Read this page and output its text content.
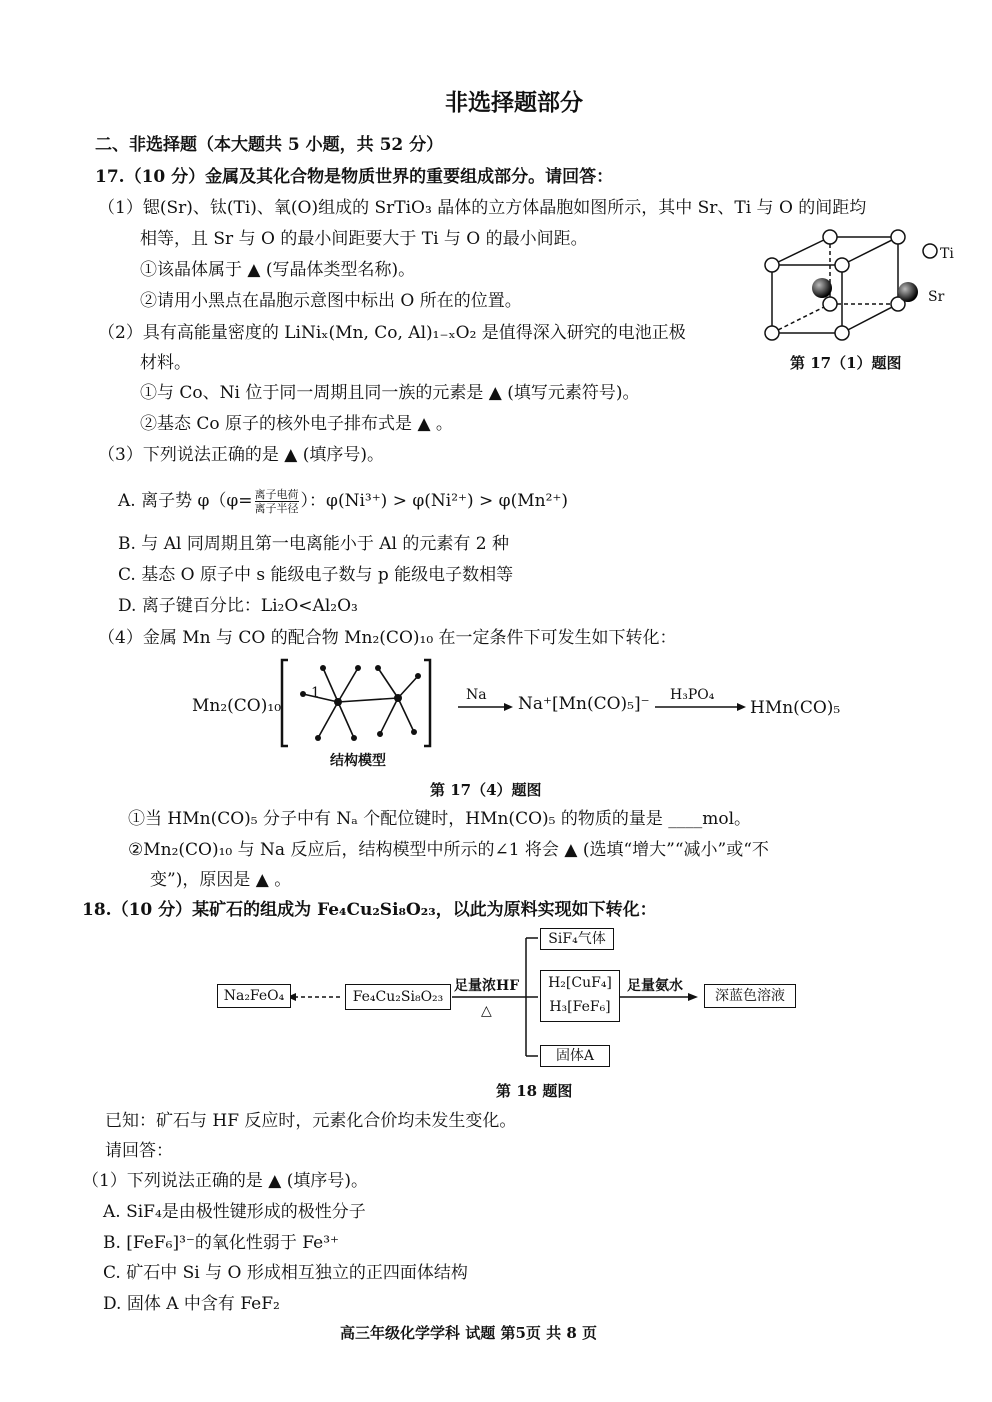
非选择题部分
二、非选择题（本大题共 5 小题，共 52 分）
17.（10 分）金属及其化合物是物质世界的重要组成部分。请回答：
（1）锶(Sr)、钛(Ti)、氧(O)组成的 SrTiO₃ 晶体的立方体晶胞如图所示，其中 Sr、Ti 与 O 的间距均
相等，且 Sr 与 O 的最小间距要大于 Ti 与 O 的最小间距。
①该晶体属于 ▲ (写晶体类型名称)。
②请用小黑点在晶胞示意图中标出 O 所在的位置。
（2）具有高能量密度的 LiNiₓ(Mn, Co, Al)₁₋ₓO₂ 是值得深入研究的电池正极
材料。
①与 Co、Ni 位于同一周期且同一族的元素是 ▲ (填写元素符号)。
②基态 Co 原子的核外电子排布式是 ▲ 。
（3）下列说法正确的是 ▲ (填序号)。
A. 离子势 φ（φ= 离子电荷
离子半径 ）：φ(Ni³⁺) > φ(Ni²⁺) > φ(Mn²⁺)
B. 与 Al 同周期且第一电离能小于 Al 的元素有 2 种
C. 基态 O 原子中 s 能级电子数与 p 能级电子数相等
D. 离子键百分比：Li₂O<Al₂O₃
（4）金属 Mn 与 CO 的配合物 Mn₂(CO)₁₀ 在一定条件下可发生如下转化：
Ti
Sr
第 17（1）题图
Mn₂(CO)₁₀
1
结构模型
Na → Na⁺[Mn(CO)₅]⁻ H₃PO₄
HMn(CO)₅
第 17（4）题图
①当 HMn(CO)₅ 分子中有 Nₐ 个配位键时，HMn(CO)₅ 的物质的量是 ____mol。
②Mn₂(CO)₁₀ 与 Na 反应后，结构模型中所示的∠1 将会 ▲ (选填“增大”“减小”或“不
变”)，原因是 ▲ 。
18.（10 分）某矿石的组成为 Fe₄Cu₂Si₈O₂₃，以此为原料实现如下转化：
Na₂FeO₄	Fe₄Cu₂Si₈O₂₃
足量浓HF
△
SiF₄气体
H₂[CuF₄]
H₃[FeF₆]
足量氨水
深蓝色溶液
固体A
第 18 题图
已知：矿石与 HF 反应时，元素化合价均未发生变化。
请回答：
（1）下列说法正确的是 ▲ (填序号)。
A. SiF₄是由极性键形成的极性分子
B. [FeF₆]³⁻的氧化性弱于 Fe³⁺
C. 矿石中 Si 与 O 形成相互独立的正四面体结构
D. 固体 A 中含有 FeF₂
高三年级化学学科 试题 第5页 共 8 页
